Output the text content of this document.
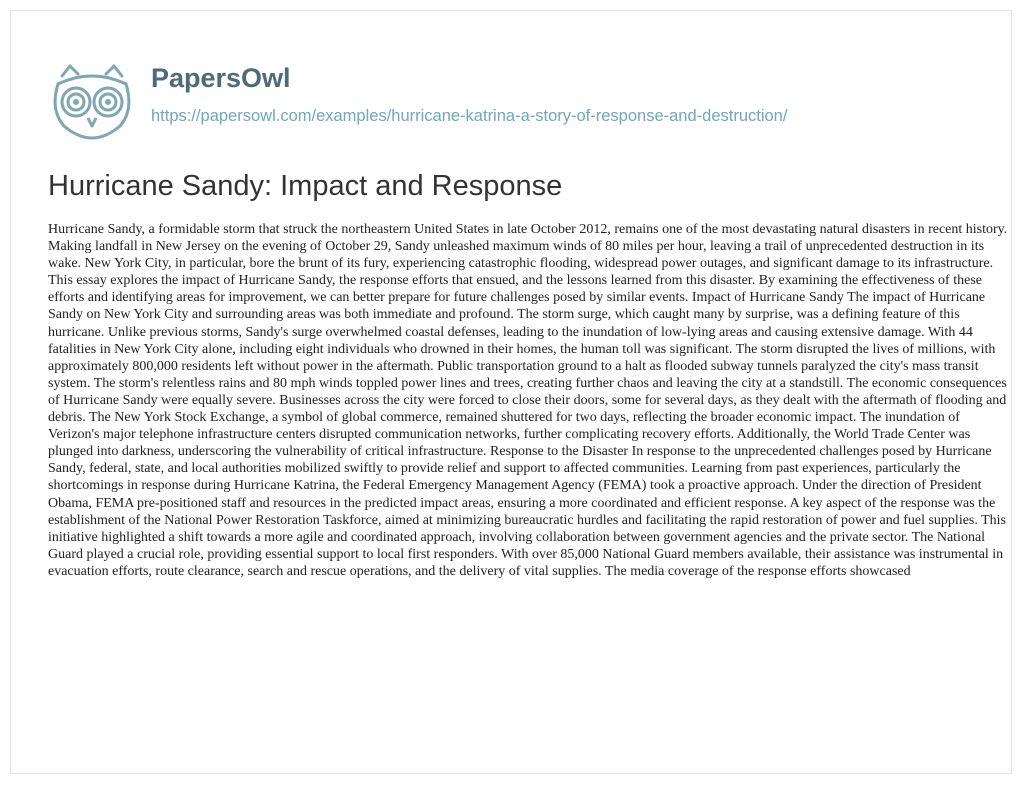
PapersOwl
https://papersowl.com/examples/hurricane-katrina-a-story-of-response-and-destruction/
Hurricane Sandy: Impact and Response

Hurricane Sandy, a formidable storm that struck the northeastern United States in late October 2012, remains one of the most devastating natural disasters in recent history. Making landfall in New Jersey on the evening of October 29, Sandy unleashed maximum winds of 80 miles per hour, leaving a trail of unprecedented destruction in its wake. New York City, in particular, bore the brunt of its fury, experiencing catastrophic flooding, widespread power outages, and significant damage to its infrastructure. This essay explores the impact of Hurricane Sandy, the response efforts that ensued, and the lessons learned from this disaster. By examining the effectiveness of these efforts and identifying areas for improvement, we can better prepare for future challenges posed by similar events. Impact of Hurricane Sandy The impact of Hurricane Sandy on New York City and surrounding areas was both immediate and profound. The storm surge, which caught many by surprise, was a defining feature of this hurricane. Unlike previous storms, Sandy's surge overwhelmed coastal defenses, leading to the inundation of low-lying areas and causing extensive damage. With 44 fatalities in New York City alone, including eight individuals who drowned in their homes, the human toll was significant. The storm disrupted the lives of millions, with approximately 800,000 residents left without power in the aftermath. Public transportation ground to a halt as flooded subway tunnels paralyzed the city's mass transit system. The storm's relentless rains and 80 mph winds toppled power lines and trees, creating further chaos and leaving the city at a standstill. The economic consequences of Hurricane Sandy were equally severe. Businesses across the city were forced to close their doors, some for several days, as they dealt with the aftermath of flooding and debris. The New York Stock Exchange, a symbol of global commerce, remained shuttered for two days, reflecting the broader economic impact. The inundation of Verizon's major telephone infrastructure centers disrupted communication networks, further complicating recovery efforts. Additionally, the World Trade Center was plunged into darkness, underscoring the vulnerability of critical infrastructure. Response to the Disaster In response to the unprecedented challenges posed by Hurricane Sandy, federal, state, and local authorities mobilized swiftly to provide relief and support to affected communities. Learning from past experiences, particularly the shortcomings in response during Hurricane Katrina, the Federal Emergency Management Agency (FEMA) took a proactive approach. Under the direction of President Obama, FEMA pre-positioned staff and resources in the predicted impact areas, ensuring a more coordinated and efficient response. A key aspect of the response was the establishment of the National Power Restoration Taskforce, aimed at minimizing bureaucratic hurdles and facilitating the rapid restoration of power and fuel supplies. This initiative highlighted a shift towards a more agile and coordinated approach, involving collaboration between government agencies and the private sector. The National Guard played a crucial role, providing essential support to local first responders. With over 85,000 National Guard members available, their assistance was instrumental in evacuation efforts, route clearance, search and rescue operations, and the delivery of vital supplies. The media coverage of the response efforts showcased
